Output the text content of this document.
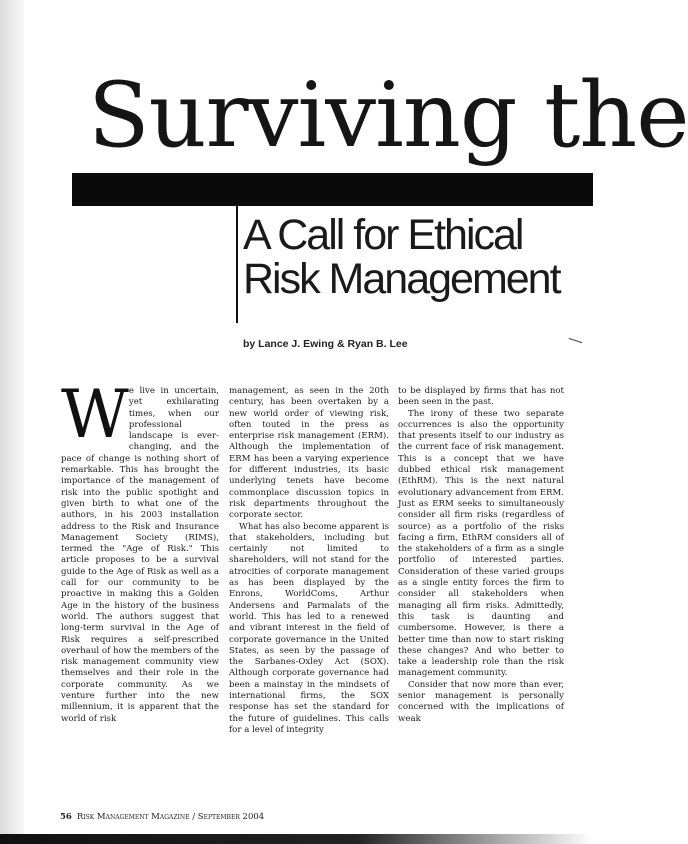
Surviving the
A Call for Ethical
Risk Management
by Lance J. Ewing & Ryan B. Lee

We live in uncertain, yet exhilarating times, when our professional landscape is ever-changing, and the pace of change is nothing short of remarkable. This has brought the importance of the management of risk into the public spotlight and given birth to what one of the authors, in his 2003 installation address to the Risk and Insurance Management Society (RIMS), termed the "Age of Risk." This article proposes to be a survival guide to the Age of Risk as well as a call for our community to be proactive in making this a Golden Age in the history of the business world. The authors suggest that long-term survival in the Age of Risk requires a self-prescribed overhaul of how the members of the risk management community view themselves and their role in the corporate community. As we venture further into the new millennium, it is apparent that the world of risk

management, as seen in the 20th century, has been overtaken by a new world order of viewing risk, often touted in the press as enterprise risk management (ERM). Although the implementation of ERM has been a varying experience for different industries, its basic underlying tenets have become commonplace discussion topics in risk departments throughout the corporate sector.

What has also become apparent is that stakeholders, including but certainly not limited to shareholders, will not stand for the atrocities of corporate management as has been displayed by the Enrons, WorldComs, Arthur Andersens and Parmalats of the world. This has led to a renewed and vibrant interest in the field of corporate governance in the United States, as seen by the passage of the Sarbanes-Oxley Act (SOX). Although corporate governance had been a mainstay in the mindsets of international firms, the SOX response has set the standard for the future of guidelines. This calls for a level of integrity

to be displayed by firms that has not been seen in the past.

The irony of these two separate occurrences is also the opportunity that presents itself to our industry as the current face of risk management. This is a concept that we have dubbed ethical risk management (EthRM). This is the next natural evolutionary advancement from ERM. Just as ERM seeks to simultaneously consider all firm risks (regardless of source) as a portfolio of the risks facing a firm, EthRM considers all of the stakeholders of a firm as a single portfolio of interested parties. Consideration of these varied groups as a single entity forces the firm to consider all stakeholders when managing all firm risks. Admittedly, this task is daunting and cumbersome. However, is there a better time than now to start risking these changes? And who better to take a leadership role than the risk management community.

Consider that now more than ever, senior management is personally concerned with the implications of weak

56 Risk Management Magazine / September 2004
